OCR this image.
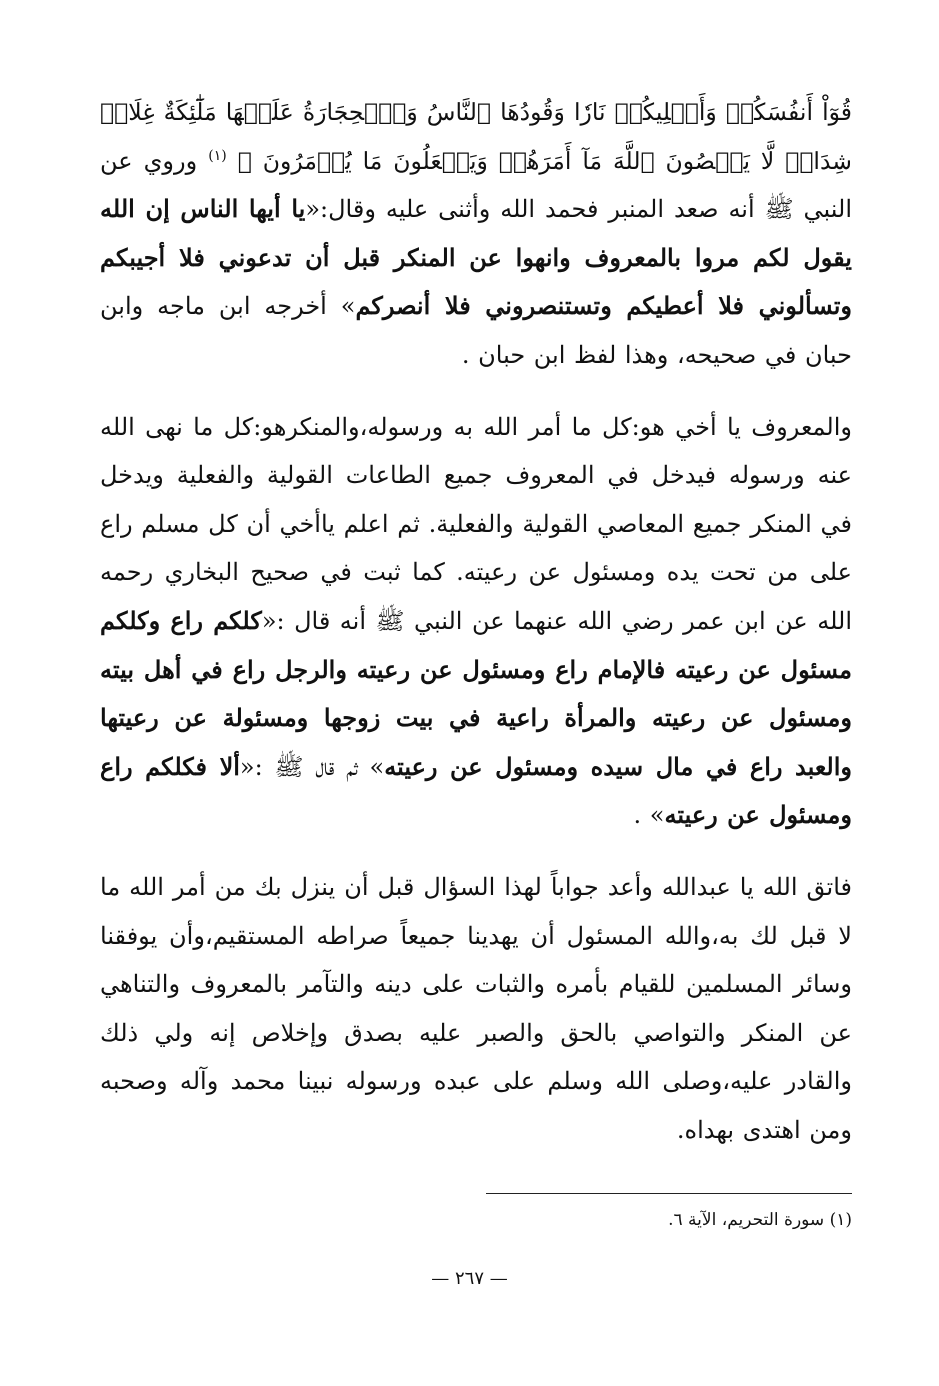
قُوٓاْ أَنفُسَكُمۡ وَأَهۡلِيكُمۡ نَارٗا وَقُودُهَا ٱلنَّاسُ وَٱلۡحِجَارَةُ عَلَيۡهَا مَلَٰٓئِكَةٌ غِلَاظٞ شِدَادٞ لَّا يَعۡصُونَ ٱللَّهَ مَآ أَمَرَهُمۡ وَيَفۡعَلُونَ مَا يُؤۡمَرُونَ ﴾ $^{(١)}$ وروي عن النبي ﷺ أنه صعد المنبر فحمد الله وأثنى عليه وقال:«يا أيها الناس إن الله يقول لكم مروا بالمعروف وانهوا عن المنكر قبل أن تدعوني فلا أجيبكم وتسألوني فلا أعطيكم وتستنصروني فلا أنصركم» أخرجه ابن ماجه وابن حبان في صحيحه، وهذا لفظ ابن حبان .

والمعروف يا أخي هو:كل ما أمر الله به ورسوله،والمنكرهو:كل ما نهى الله عنه ورسوله فيدخل في المعروف جميع الطاعات القولية والفعلية ويدخل في المنكر جميع المعاصي القولية والفعلية. ثم اعلم ياأخي أن كل مسلم راع على من تحت يده ومسئول عن رعيته. كما ثبت في صحيح البخاري رحمه الله عن ابن عمر رضي الله عنهما عن النبي ﷺ أنه قال :«كلكم راع وكلكم مسئول عن رعيته فالإمام راع ومسئول عن رعيته والرجل راع في أهل بيته ومسئول عن رعيته والمرأة راعية في بيت زوجها ومسئولة عن رعيتها والعبد راع في مال سيده ومسئول عن رعيته» ثم قال ﷺ :«ألا فكلكم راع ومسئول عن رعيته» .

فاتق الله يا عبدالله وأعد جواباً لهذا السؤال قبل أن ينزل بك من أمر الله ما لا قبل لك به،والله المسئول أن يهدينا جميعاً صراطه المستقيم،وأن يوفقنا وسائر المسلمين للقيام بأمره والثبات على دينه والتآمر بالمعروف والتناهي عن المنكر والتواصي بالحق والصبر عليه بصدق وإخلاص إنه ولي ذلك والقادر عليه،وصلى الله وسلم على عبده ورسوله نبينا محمد وآله وصحبه ومن اهتدى بهداه.

(١) سورة التحريم، الآية ٦.

— ٢٦٧ —
